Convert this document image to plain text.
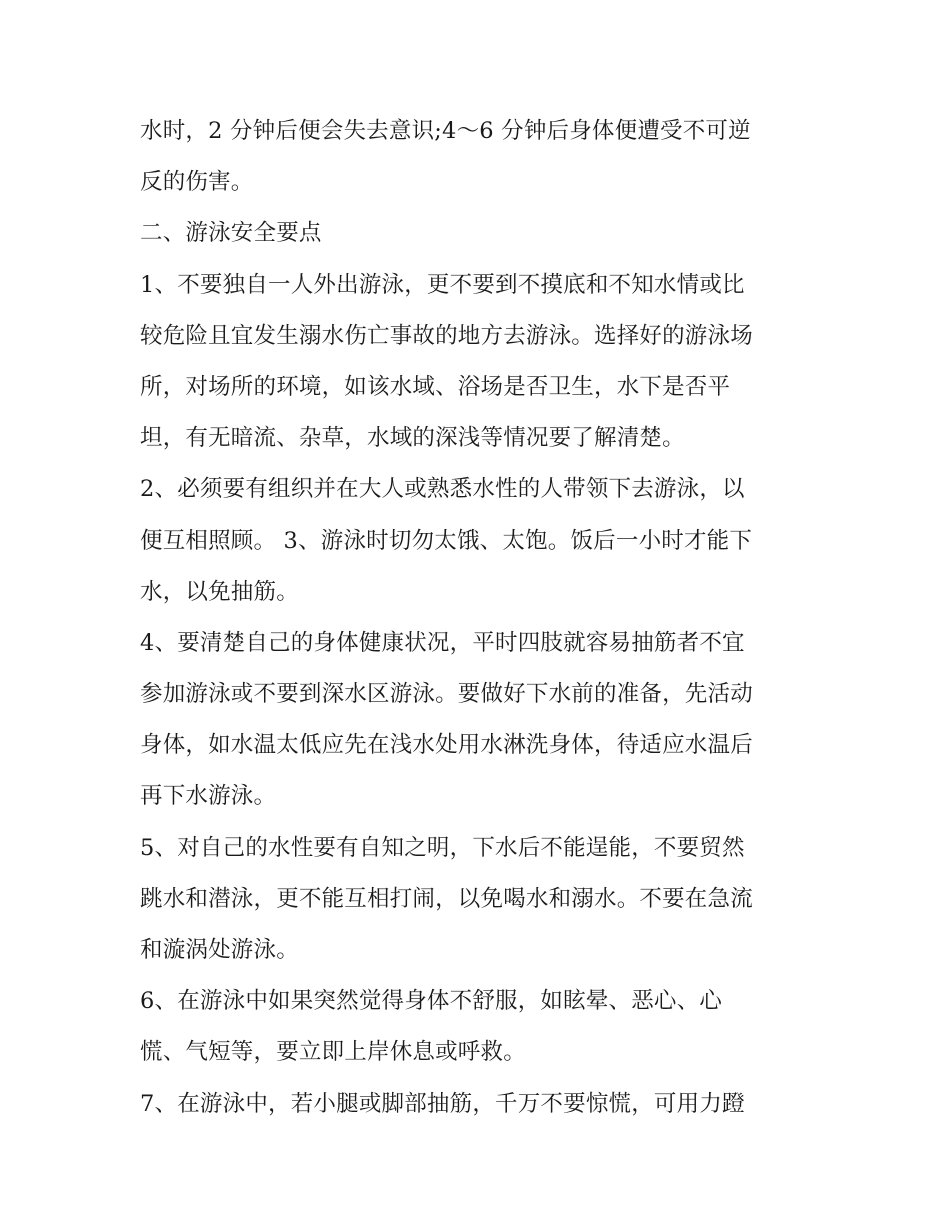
水时，2 分钟后便会失去意识;4～6 分钟后身体便遭受不可逆
反的伤害。
二、游泳安全要点
1、不要独自一人外出游泳，更不要到不摸底和不知水情或比
较危险且宜发生溺水伤亡事故的地方去游泳。选择好的游泳场
所，对场所的环境，如该水域、浴场是否卫生，水下是否平
坦，有无暗流、杂草，水域的深浅等情况要了解清楚。
2、必须要有组织并在大人或熟悉水性的人带领下去游泳，以
便互相照顾。 3、游泳时切勿太饿、太饱。饭后一小时才能下
水，以免抽筋。
4、要清楚自己的身体健康状况，平时四肢就容易抽筋者不宜
参加游泳或不要到深水区游泳。要做好下水前的准备，先活动
身体，如水温太低应先在浅水处用水淋洗身体，待适应水温后
再下水游泳。
5、对自己的水性要有自知之明，下水后不能逞能，不要贸然
跳水和潜泳，更不能互相打闹，以免喝水和溺水。不要在急流
和漩涡处游泳。
6、在游泳中如果突然觉得身体不舒服，如眩晕、恶心、心
慌、气短等，要立即上岸休息或呼救。
7、在游泳中，若小腿或脚部抽筋，千万不要惊慌，可用力蹬
